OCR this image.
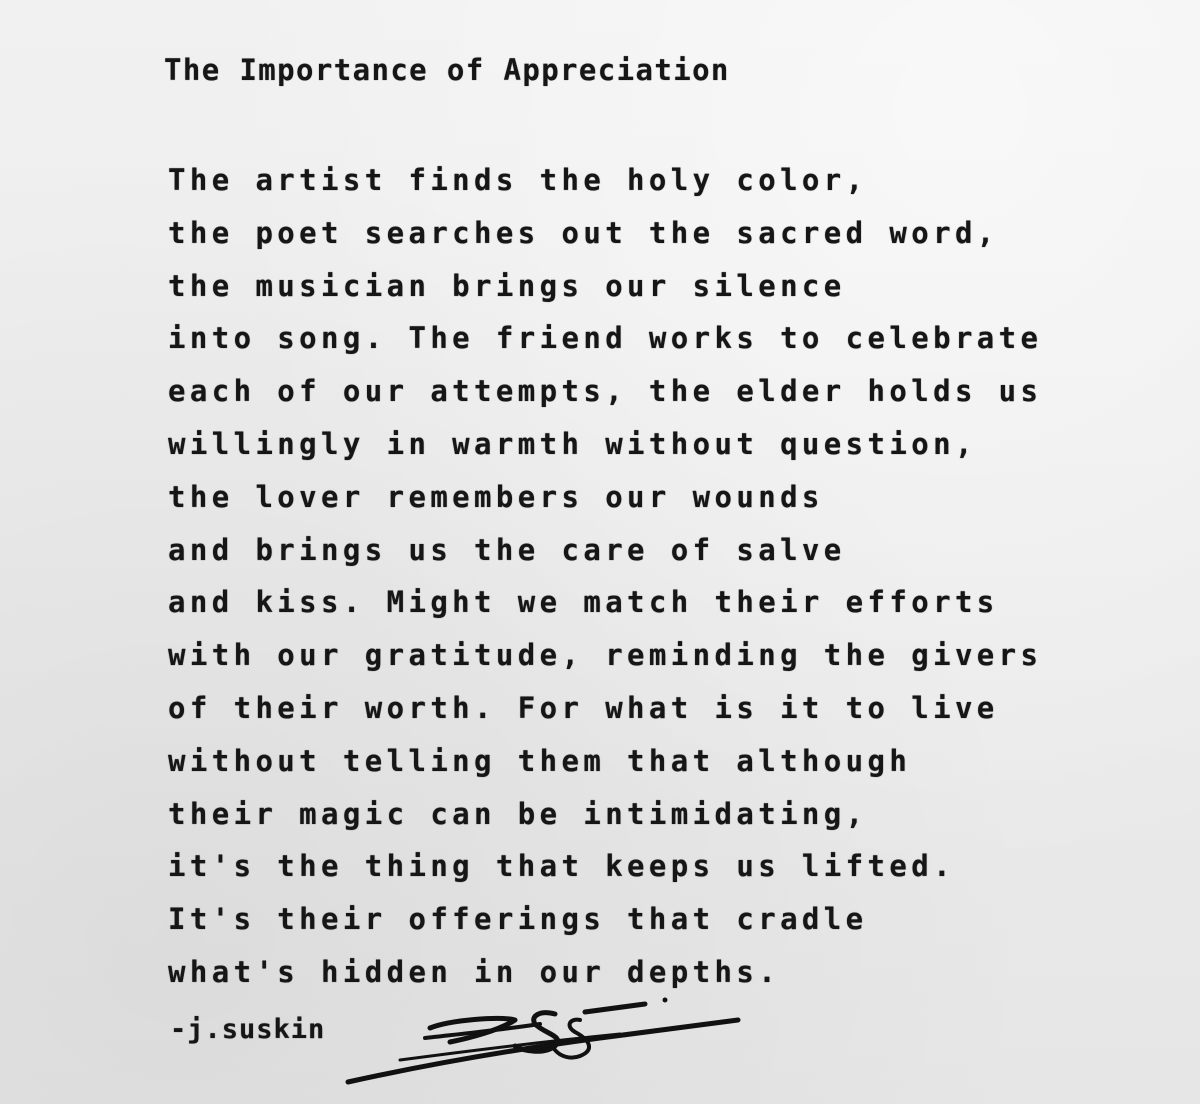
The Importance of Appreciation
The artist finds the holy color,
the poet searches out the sacred word,
the musician brings our silence
into song. The friend works to celebrate
each of our attempts, the elder holds us
willingly in warmth without question,
the lover remembers our wounds
and brings us the care of salve
and kiss. Might we match their efforts
with our gratitude, reminding the givers
of their worth. For what is it to live
without telling them that although
their magic can be intimidating,
it's the thing that keeps us lifted.
It's their offerings that cradle
what's hidden in our depths.

-j.suskin
